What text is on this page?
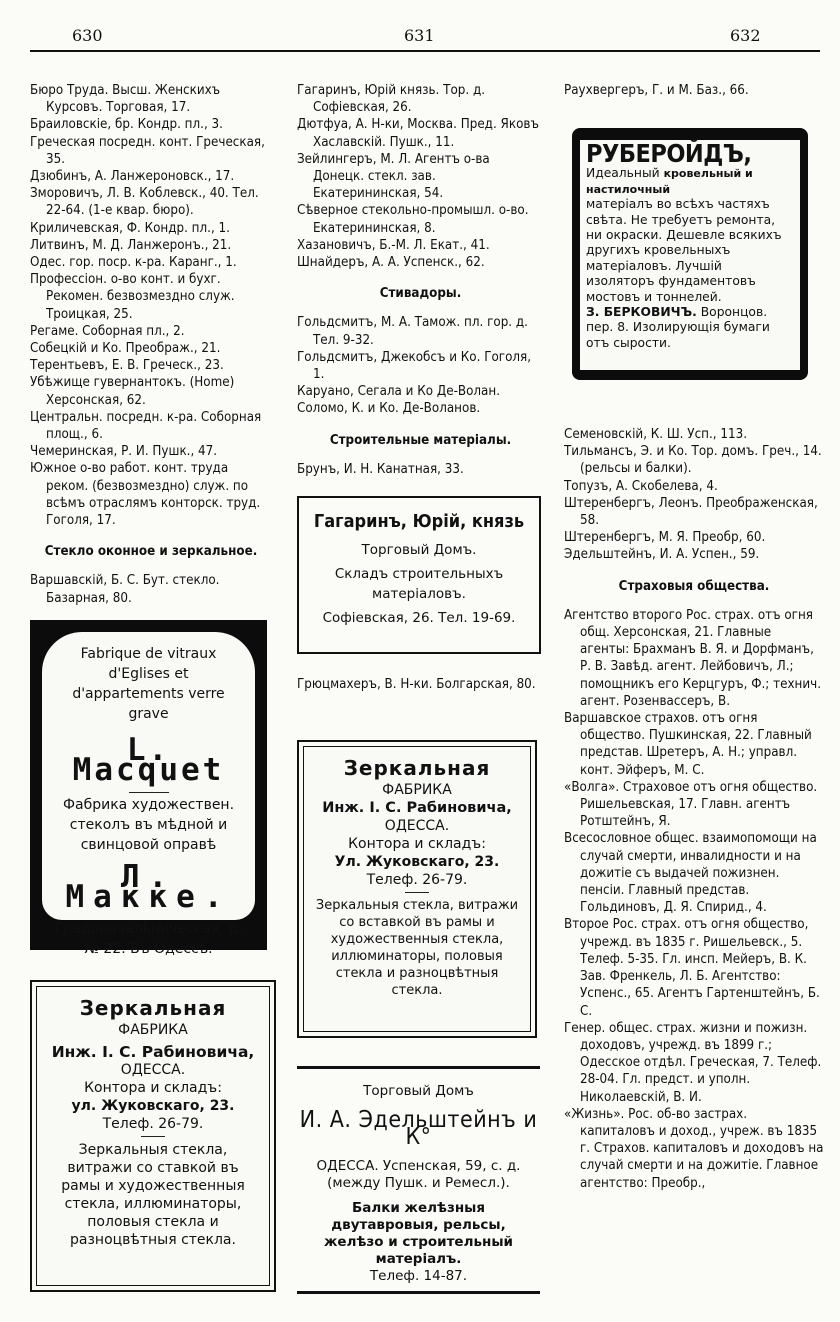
630	631	632

Бюро Труда. Высш. Женскихъ Курсовъ. Торговая, 17.

Браиловскіе, бр. Кондр. пл., 3.

Греческая посредн. конт. Греческая, 35.

Дзюбинъ, А. Ланжероновск., 17.

Зморовичъ, Л. В. Коблевск., 40. Тел. 22-64. (1-е квар. бюро).

Криличевская, Ф. Кондр. пл., 1.

Литвинъ, М. Д. Ланжеронъ., 21.

Одес. гор. поср. к-ра. Каранг., 1.

Профессіон. о-во конт. и бухг. Рекомен. безвозмездно служ. Троицкая, 25.

Регаме. Соборная пл., 2.

Собецкій и Ко. Преображ., 21.

Терентьевъ, Е. В. Греческ., 23.

Убѣжище гувернантокъ. (Home) Херсонская, 62.

Центральн. посредн. к-ра. Соборная площ., 6.

Чемеринская, Р. И. Пушк., 47.

Южное о-во работ. конт. труда реком. (безвозмездно) служ. по всѣмъ отраслямъ конторск. труд. Гоголя, 17.

Стекло оконное и зеркальное.

Варшавскій, Б. С. Бут. стекло. Базарная, 80.

Fabrique de vitraux d'Eglises et d'appartements verre grave
L. Macquet
Фабрика художествен. стеколъ въ мѣдной и свинцовой оправѣ
Л. Макке.
Градоначальническая, д. № 22. Въ Одессѣ.
Зеркальная
ФАБРИКА
Инж. I. С. Рабиновича,
ОДЕССА.
Контора и складъ:
ул. Жуковскаго, 23.
Телеф. 26-79.
Зеркальныя стекла, витражи со ставкой въ рамы и художественныя стекла, иллюминаторы, половыя стекла и разноцвѣтныя стекла.

Гагаринъ, Юрій князь. Тор. д. Софіевская, 26.

Дютфуа, А. Н-ки, Москва. Пред. Яковъ Хаславскій. Пушк., 11.

Зейлингеръ, М. Л. Агентъ о-ва Донецк. стекл. зав. Екатерининская, 54.

Сѣверное стекольно-промышл. о-во. Екатерининская, 8.

Хазановичъ, Б.-М. Л. Екат., 41.

Шнайдеръ, А. А. Успенск., 62.

Стивадоры.

Гольдсмитъ, М. А. Тамож. пл. гор. д. Тел. 9-32.

Гольдсмитъ, Джекобсъ и Ко. Гоголя, 1.

Каруано, Сегала и Ко Де-Волан.

Соломо, К. и Ко. Де-Воланов.

Строительные матеріалы.

Брунъ, И. Н. Канатная, 33.

Гагаринъ, Юрій, князь
Торговый Домъ.
Складъ строительныхъ матеріаловъ.
Софіевская, 26. Тел. 19-69.

Грюцмахеръ, В. Н-ки. Болгарская, 80.

Зеркальная
ФАБРИКА
Инж. I. С. Рабиновича,
ОДЕССА.
Контора и складъ:
Ул. Жуковскаго, 23.
Телеф. 26-79.
Зеркальныя стекла, витражи со вставкой въ рамы и художественныя стекла, иллюминаторы, половыя стекла и разноцвѣтныя стекла.
Торговый Домъ
И. А. Эдельштейнъ и К°
ОДЕССА. Успенская, 59, с. д. (между Пушк. и Ремесл.).
Балки желѣзныя двутавровыя, рельсы, желѣзо и строительный матеріалъ.
Телеф. 14-87.

Раухвергеръ, Г. и М. Баз., 66.

РУБЕРОЙДЪ, Идеальный кровельный и настилочный
матеріалъ во всѣхъ частяхъ свѣта. Не требуетъ ремонта, ни окраски. Дешевле всякихъ другихъ кровельныхъ матеріаловъ. Лучшій изоляторъ фундаментовъ мостовъ и тоннелей.
З. БЕРКОВИЧЪ. Воронцов. пер. 8. Изолирующія бумаги отъ сырости.

Семеновскій, К. Ш. Усп., 113.

Тильмансъ, Э. и Ко. Тор. домъ. Греч., 14. (рельсы и балки).

Топузъ, А. Скобелева, 4.

Штеренбергъ, Леонъ. Преображенская, 58.

Штеренбергъ, М. Я. Преобр, 60.

Эдельштейнъ, И. А. Успен., 59.

Страховыя общества.

Агентство второго Рос. страх. отъ огня общ. Херсонская, 21. Главные агенты: Брахманъ В. Я. и Дорфманъ, Р. В. Завѣд. агент. Лейбовичъ, Л.; помощникъ его Керцгуръ, Ф.; технич. агент. Розенвассеръ, В.

Варшавское страхов. отъ огня общество. Пушкинская, 22. Главный предстaв. Шретеръ, А. Н.; управл. конт. Эйферъ, М. С.

«Волга». Страховое отъ огня общество. Ришельевская, 17. Главн. агентъ Ротштейнъ, Я.

Всесословное общес. взаимопомощи на случай смерти, инвалидности и на дожитіе съ выдачей пожизнен. пенсіи. Главный представ. Гольдиновъ, Д. Я. Спирид., 4.

Второе Рос. страх. отъ огня общество, учрежд. въ 1835 г. Ришельевск., 5. Телеф. 5-35. Гл. инсп. Мейеръ, В. К. Зав. Френкель, Л. Б. Агентство: Успенс., 65. Агентъ Гартенштейнъ, Б. С.

Генер. общес. страх. жизни и пожизн. доходовъ, учрежд. въ 1899 г.; Одесское отдѣл. Греческая, 7. Телеф. 28-04. Гл. предст. и уполн. Николаевскій, В. И.

«Жизнь». Рос. об-во застрах. капиталовъ и доход., учреж. въ 1835 г. Страхов. капиталовъ и доходовъ на случай смерти и на дожитіе. Главное агентство: Преобр.,
